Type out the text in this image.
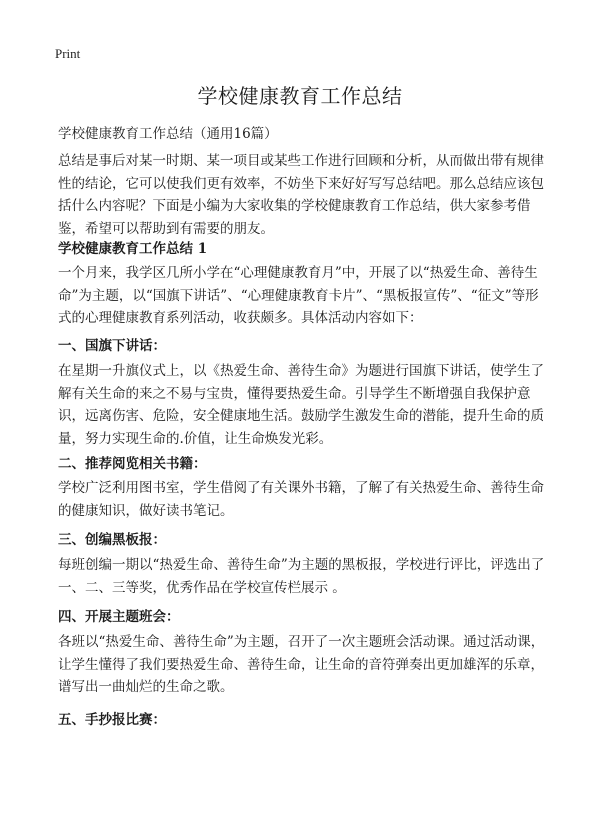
Print
学校健康教育工作总结
学校健康教育工作总结（通用16篇）

总结是事后对某一时期、某一项目或某些工作进行回顾和分析，从而做出带有规律性的结论，它可以使我们更有效率，不妨坐下来好好写写总结吧。那么总结应该包括什么内容呢？下面是小编为大家收集的学校健康教育工作总结，供大家参考借鉴，希望可以帮助到有需要的朋友。

学校健康教育工作总结 1

一个月来，我学区几所小学在“心理健康教育月”中，开展了以“热爱生命、善待生命”为主题，以“国旗下讲话”、“心理健康教育卡片”、“黑板报宣传”、“征文”等形式的心理健康教育系列活动，收获颇多。具体活动内容如下：

一、国旗下讲话：

在星期一升旗仪式上，以《热爱生命、善待生命》为题进行国旗下讲话，使学生了解有关生命的来之不易与宝贵，懂得要热爱生命。引导学生不断增强自我保护意识，远离伤害、危险，安全健康地生活。鼓励学生激发生命的潜能，提升生命的质量，努力实现生命的.价值，让生命焕发光彩。

二、推荐阅览相关书籍：

学校广泛利用图书室，学生借阅了有关课外书籍，了解了有关热爱生命、善待生命的健康知识，做好读书笔记。

三、创编黑板报：

每班创编一期以“热爱生命、善待生命”为主题的黑板报，学校进行评比，评选出了一、二、三等奖，优秀作品在学校宣传栏展示 。

四、开展主题班会：

各班以“热爱生命、善待生命”为主题，召开了一次主题班会活动课。通过活动课，让学生懂得了我们要热爱生命、善待生命，让生命的音符弹奏出更加雄浑的乐章，谱写出一曲灿烂的生命之歌。

五、手抄报比赛：
